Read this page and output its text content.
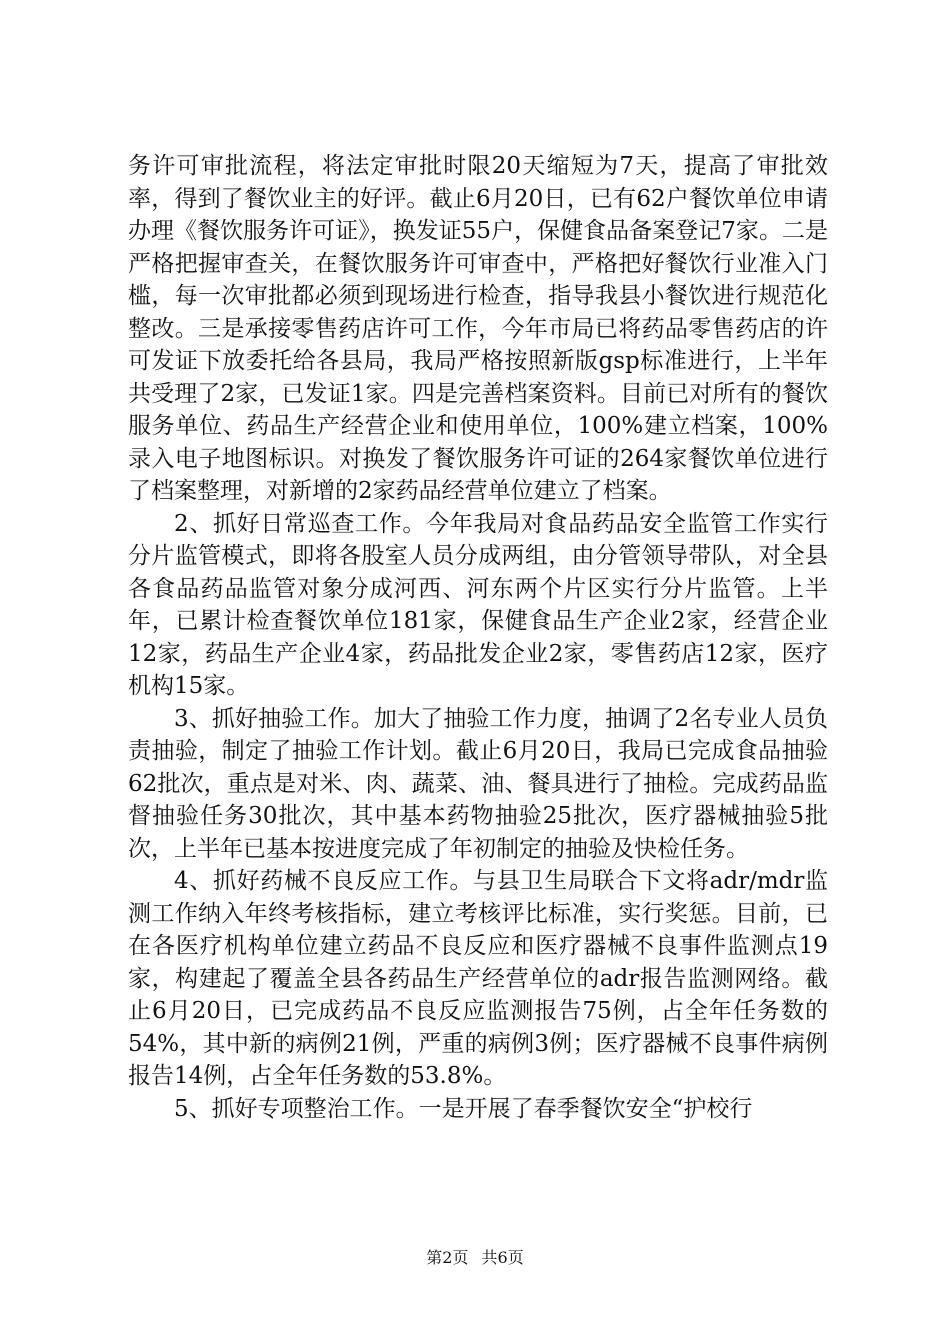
务许可审批流程，将法定审批时限20天缩短为7天，提高了审批效率，得到了餐饮业主的好评。截止6月20日，已有62户餐饮单位申请办理《餐饮服务许可证》，换发证55户，保健食品备案登记7家。二是严格把握审查关，在餐饮服务许可审查中，严格把好餐饮行业准入门槛，每一次审批都必须到现场进行检查，指导我县小餐饮进行规范化整改。三是承接零售药店许可工作，今年市局已将药品零售药店的许可发证下放委托给各县局，我局严格按照新版gsp标准进行，上半年共受理了2家，已发证1家。四是完善档案资料。目前已对所有的餐饮服务单位、药品生产经营企业和使用单位，100%建立档案，100%录入电子地图标识。对换发了餐饮服务许可证的264家餐饮单位进行了档案整理，对新增的2家药品经营单位建立了档案。

2、抓好日常巡查工作。今年我局对食品药品安全监管工作实行分片监管模式，即将各股室人员分成两组，由分管领导带队，对全县各食品药品监管对象分成河西、河东两个片区实行分片监管。上半年，已累计检查餐饮单位181家，保健食品生产企业2家，经营企业12家，药品生产企业4家，药品批发企业2家，零售药店12家，医疗机构15家。

3、抓好抽验工作。加大了抽验工作力度，抽调了2名专业人员负责抽验，制定了抽验工作计划。截止6月20日，我局已完成食品抽验62批次，重点是对米、肉、蔬菜、油、餐具进行了抽检。完成药品监督抽验任务30批次，其中基本药物抽验25批次，医疗器械抽验5批次，上半年已基本按进度完成了年初制定的抽验及快检任务。

4、抓好药械不良反应工作。与县卫生局联合下文将adr/mdr监测工作纳入年终考核指标，建立考核评比标准，实行奖惩。目前，已在各医疗机构单位建立药品不良反应和医疗器械不良事件监测点19家，构建起了覆盖全县各药品生产经营单位的adr报告监测网络。截止6月20日，已完成药品不良反应监测报告75例，占全年任务数的54%，其中新的病例21例，严重的病例3例；医疗器械不良事件病例报告14例，占全年任务数的53.8%。

5、抓好专项整治工作。一是开展了春季餐饮安全“护校行

第2页 共6页
